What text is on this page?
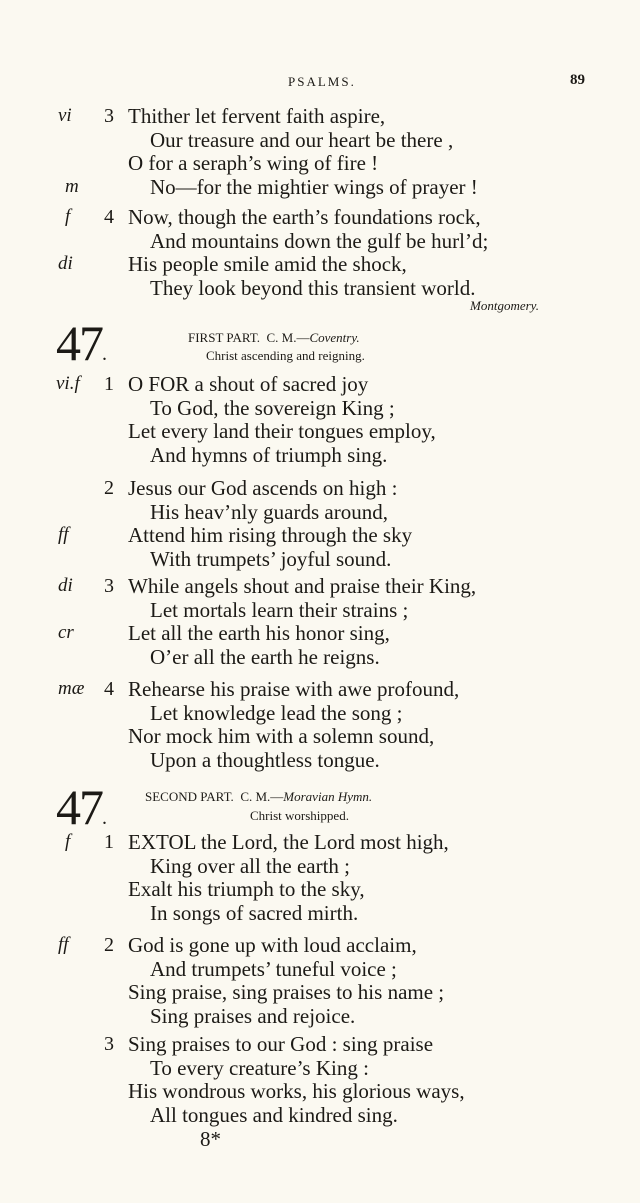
PSALMS.	89
3
vi	Thither let fervent faith aspire,
Our treasure and our heart be there ,
O for a seraph’s wing of fire !
m	No—for the mightier wings of prayer !
4
f	Now, though the earth’s foundations rock,
And mountains down the gulf be hurl’d;
di	His people smile amid the shock,
They look beyond this transient world.
1
vi.f O FOR a shout of sacred joy
To God, the sovereign King ;
Let every land their tongues employ,
And hymns of triumph sing.
2 Jesus our God ascends on high :
His heav’nly guards around,
ff	Attend him rising through the sky
With trumpets’ joyful sound.
3
di	While angels shout and praise their King,
Let mortals learn their strains ;
cr	Let all the earth his honor sing,
O’er all the earth he reigns.
4
mæ Rehearse his praise with awe profound,
Let knowledge lead the song ;
Nor mock him with a solemn sound,
Upon a thoughtless tongue.
1
f	EXTOL the Lord, the Lord most high,
King over all the earth ;
Exalt his triumph to the sky,
In songs of sacred mirth.
2
ff	God is gone up with loud acclaim,
And trumpets’ tuneful voice ;
Sing praise, sing praises to his name ;
Sing praises and rejoice.
3 Sing praises to our God : sing praise
To every creature’s King :
His wondrous works, his glorious ways,
All tongues and kindred sing.
Montgomery.
47.
FIRST PART. C. M.—Coventry.
Christ ascending and reigning.
47.
SECOND PART. C. M.—Moravian Hymn.
Christ worshipped.
8*
